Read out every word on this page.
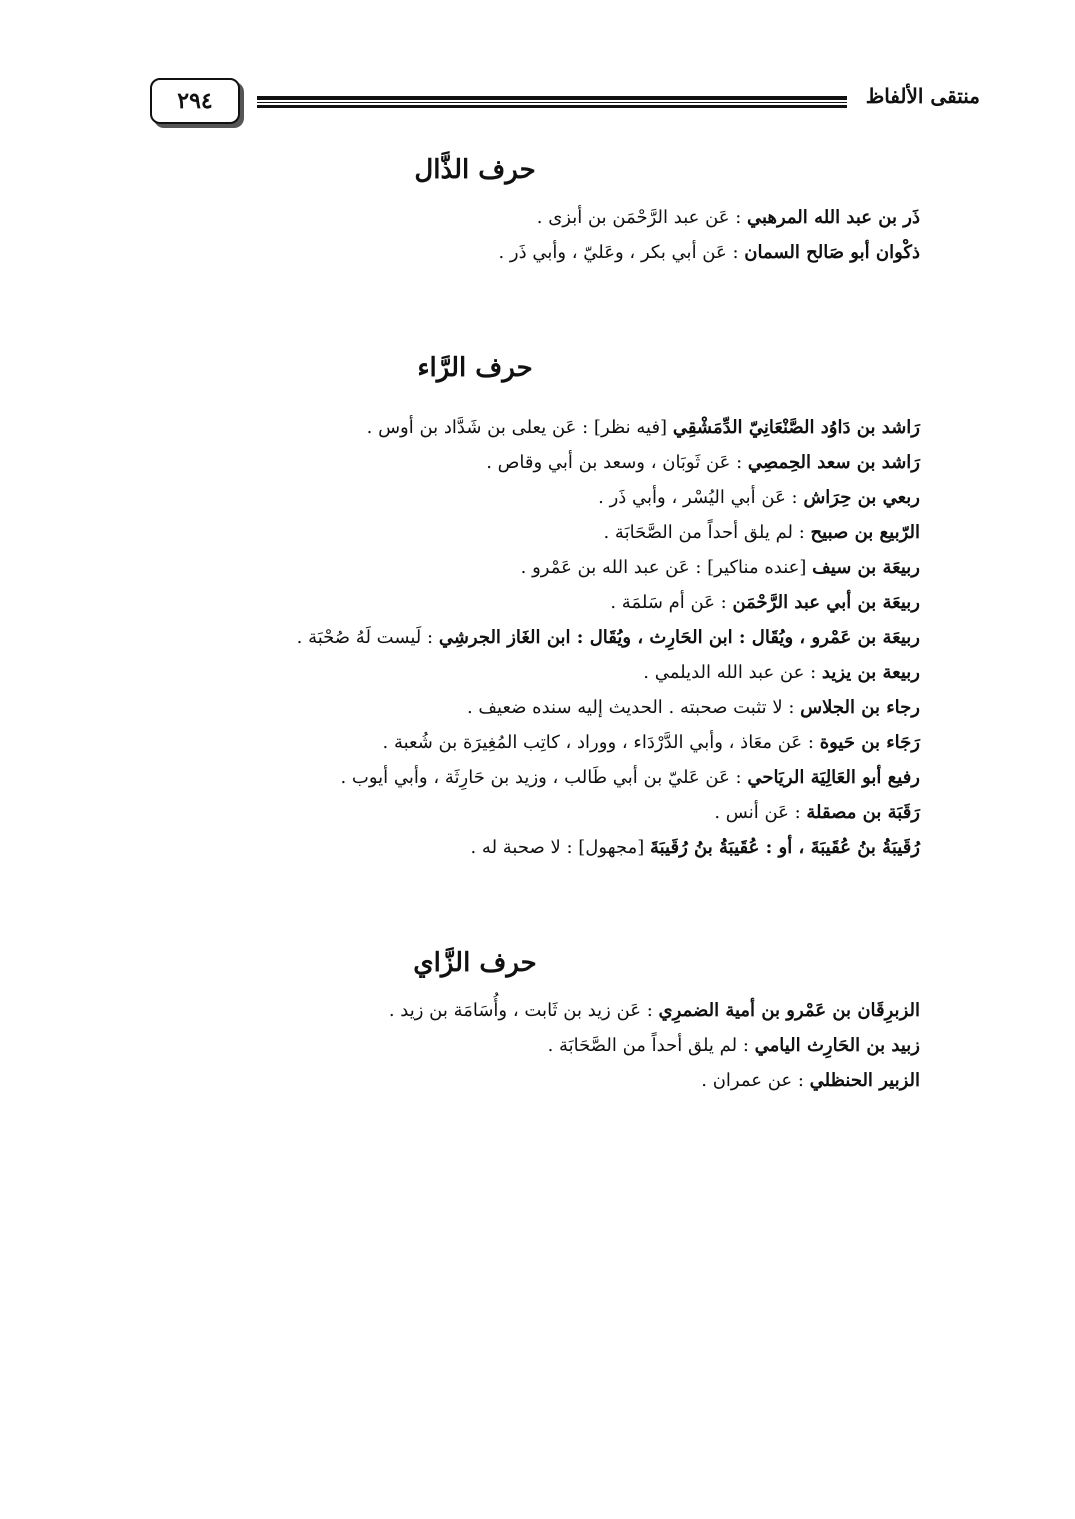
٢٩٤	منتقى الألفاظ
حرف الذَّال
ذَر بن عبد الله المرهبي : عَن عبد الرَّحْمَن بن أبزى .
ذكْوان أبو صَالح السمان : عَن أبي بكر ، وعَليّ ، وأبي ذَر .
حرف الرَّاء
رَاشد بن دَاوُد الصَّنْعَانِيّ الدِّمَشْقِي [فيه نظر] : عَن يعلى بن شَدَّاد بن أوس .
رَاشد بن سعد الحِمصِي : عَن ثَوبَان ، وسعد بن أبي وقاص .
ربعي بن حِرَاش : عَن أبي اليُسْر ، وأبي ذَر .
الرّبيع بن صبيح : لم يلق أحداً من الصَّحَابَة .
ربيعَة بن سيف [عنده مناكير] : عَن عبد الله بن عَمْرو .
ربيعَة بن أبي عبد الرَّحْمَن : عَن أم سَلمَة .
ربيعَة بن عَمْرو ، ويُقَال : ابن الحَارِث ، ويُقَال : ابن الغَاز الجرشِي : لَيست لَهُ صُحْبَة .
ربيعة بن يزيد : عن عبد الله الديلمي .
رجاء بن الجلاس : لا تثبت صحبته . الحديث إليه سنده ضعيف .
رَجَاء بن حَيوة : عَن معَاذ ، وأبي الدَّرْدَاء ، ووراد ، كاتِب المُغِيرَة بن شُعبة .
رفيع أبو العَالِيَة الريَاحي : عَن عَليّ بن أبي طَالب ، وزيد بن حَارِثَة ، وأبي أيوب .
رَقَبَة بن مصقلة : عَن أنس .
رُقَيبَةُ بنُ عُقَيبَةَ ، أو : عُقَيبَةُ بنُ رُقَيبَةَ [مجهول] : لا صحبة له .
حرف الزَّاي
الزبرِقَان بن عَمْرو بن أمية الضمرِي : عَن زيد بن ثَابت ، وأُسَامَة بن زيد .
زبيد بن الحَارِث اليامي : لم يلق أحداً من الصَّحَابَة .
الزبير الحنظلي : عن عمران .
